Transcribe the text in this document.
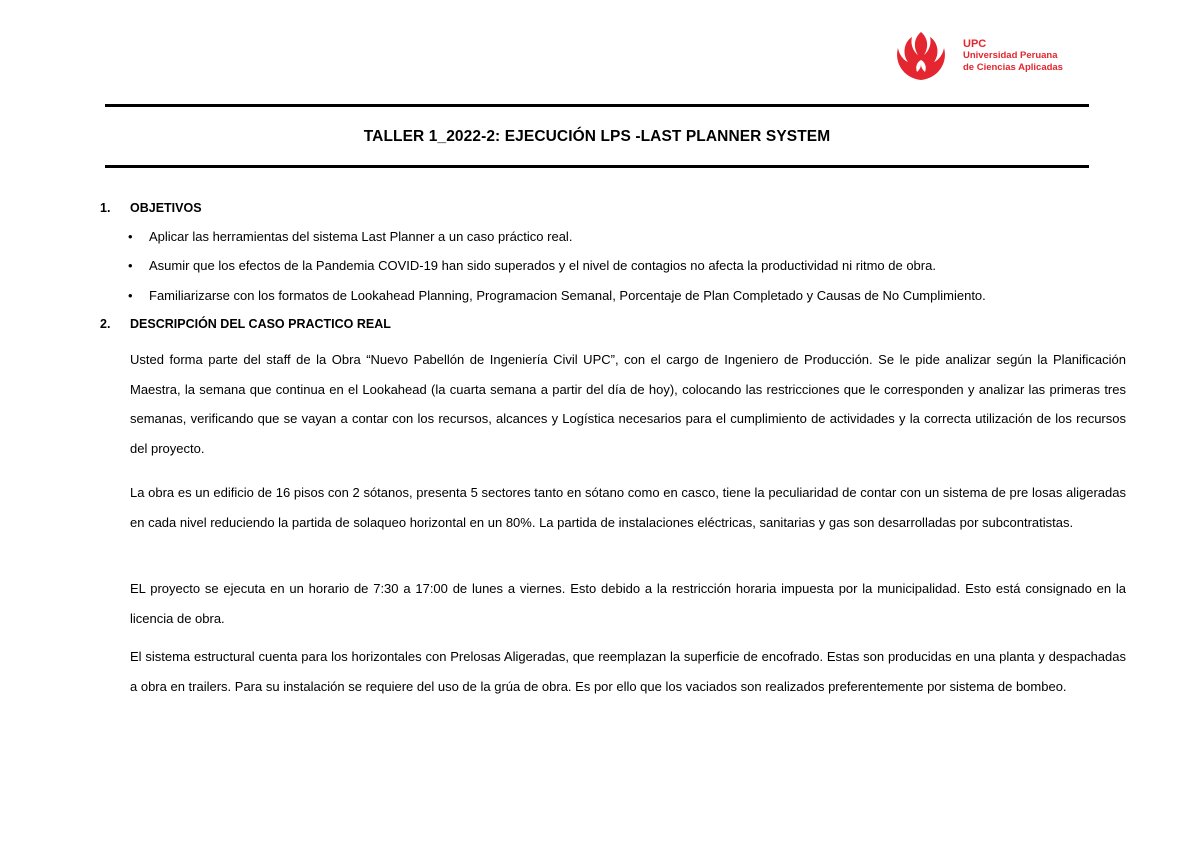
UPC
Universidad Peruana
de Ciencias Aplicadas
TALLER 1_2022-2: EJECUCIÓN LPS -LAST PLANNER SYSTEM
1. OBJETIVOS
• Aplicar las herramientas del sistema Last Planner a un caso práctico real.
• Asumir que los efectos de la Pandemia COVID-19 han sido superados y el nivel de contagios no afecta la productividad ni ritmo de obra.
• Familiarizarse con los formatos de Lookahead Planning, Programacion Semanal, Porcentaje de Plan Completado y Causas de No Cumplimiento.
2. DESCRIPCIÓN DEL CASO PRACTICO REAL

Usted forma parte del staff de la Obra “Nuevo Pabellón de Ingeniería Civil UPC”, con el cargo de Ingeniero de Producción. Se le pide analizar según la Planificación Maestra, la semana que continua en el Lookahead (la cuarta semana a partir del día de hoy), colocando las restricciones que le corresponden y analizar las primeras tres semanas, verificando que se vayan a contar con los recursos, alcances y Logística necesarios para el cumplimiento de actividades y la correcta utilización de los recursos del proyecto.

La obra es un edificio de 16 pisos con 2 sótanos, presenta 5 sectores tanto en sótano como en casco, tiene la peculiaridad de contar con un sistema de pre losas aligeradas en cada nivel reduciendo la partida de solaqueo horizontal en un 80%. La partida de instalaciones eléctricas, sanitarias y gas son desarrolladas por subcontratistas.

EL proyecto se ejecuta en un horario de 7:30 a 17:00 de lunes a viernes. Esto debido a la restricción horaria impuesta por la municipalidad. Esto está consignado en la licencia de obra.

El sistema estructural cuenta para los horizontales con Prelosas Aligeradas, que reemplazan la superficie de encofrado. Estas son producidas en una planta y despachadas a obra en trailers. Para su instalación se requiere del uso de la grúa de obra. Es por ello que los vaciados son realizados preferentemente por sistema de bombeo.
